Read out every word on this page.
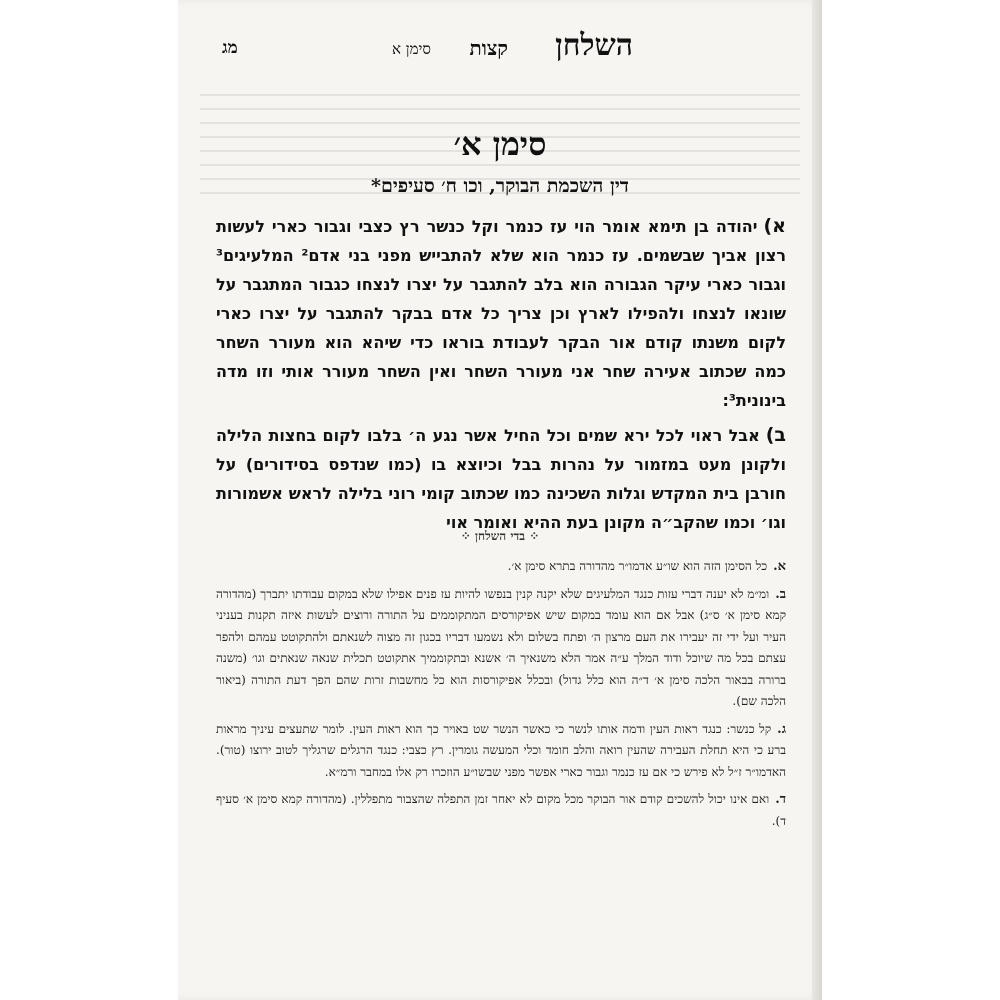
קצות השלחן
סימן א
מג
סימן א׳
דין השכמת הבוקר, וכו ח׳ סעיפים*

א)יהודה בן תימא אומר הוי עז כנמר וקל כנשר רץ כצבי וגבור כארי לעשות רצון אביך שבשמים. עז כנמר הוא שלא להתבייש מפני בני אדם² המלעיגים³ וגבור כארי עיקר הגבורה הוא בלב להתגבר על יצרו לנצחו כגבור המתגבר על שונאו לנצחו ולהפילו לארץ וכן צריך כל אדם בבקר להתגבר על יצרו כארי לקום משנתו קודם אור הבקר לעבודת בוראו כדי שיהא הוא מעורר השחר כמה שכתוב אעירה שחר אני מעורר השחר ואין השחר מעורר אותי וזו מדה בינונית³:

ב)אבל ראוי לכל ירא שמים וכל החיל אשר נגע ה׳ בלבו לקום בחצות הלילה ולקונן מעט במזמור על נהרות בבל וכיוצא בו (כמו שנדפס בסידורים) על חורבן בית המקדש וגלות השכינה כמו שכתוב קומי רוני בלילה לראש אשמורות וגו׳ וכמו שהקב״ה מקונן בעת ההיא ואומר אוי

⁘ בדי השלחן ⁘

א.כל הסימן הזה הוא שו״ע אדמו״ר מהדורה בתרא סימן א׳.

ב.ומ״מ לא יענה דברי עזות כנגד המלעיגים שלא יקנה קנין בנפשו להיות עז פנים אפילו שלא במקום עבודתו יתברך (מהדורה קמא סימן א׳ ס״ג) אבל אם הוא עומד במקום שיש אפיקורסים המתקוממים על התורה ורוצים לעשות איזה תקנות בעניני העיר ועל ידי זה יעבירו את העם מרצון ה׳ ופתח בשלום ולא נשמעו דבריו בכגון זה מצוה לשנאתם ולהתקוטט עמהם ולהפר עצתם בכל מה שיוכל ודוד המלך ע״ה אמר הלא משנאיך ה׳ אשנא ובתקוממיך אתקוטט תכלית שנאה שנאתים וגו׳ (משנה ברורה בבאור הלכה סימן א׳ ד״ה הוא כלל גדול) ובכלל אפיקורסות הוא כל מחשבות זרות שהם הפך דעת התורה (ביאור הלכה שם).

ג.קל כנשר: כנגד ראות העין ודמה אותו לנשר כי כאשר הנשר שט באויר כך הוא ראות העין. לומר שתעצים עיניך מראות ברע כי היא תחלת העבירה שהעין רואה והלב חומד וכלי המעשה גומרין. רץ כצבי: כנגד הרגלים שרגליך לטוב ירוצו (טור). האדמו״ר ז״ל לא פירש כי אם עז כנמר וגבור כארי אפשר מפני שבשו״ע הוזכרו רק אלו במחבר ורמ״א.

ד.ואם אינו יכול להשכים קודם אור הבוקר מכל מקום לא יאחר זמן התפלה שהצבור מתפללין. (מהדורה קמא סימן א׳ סעיף ד).
